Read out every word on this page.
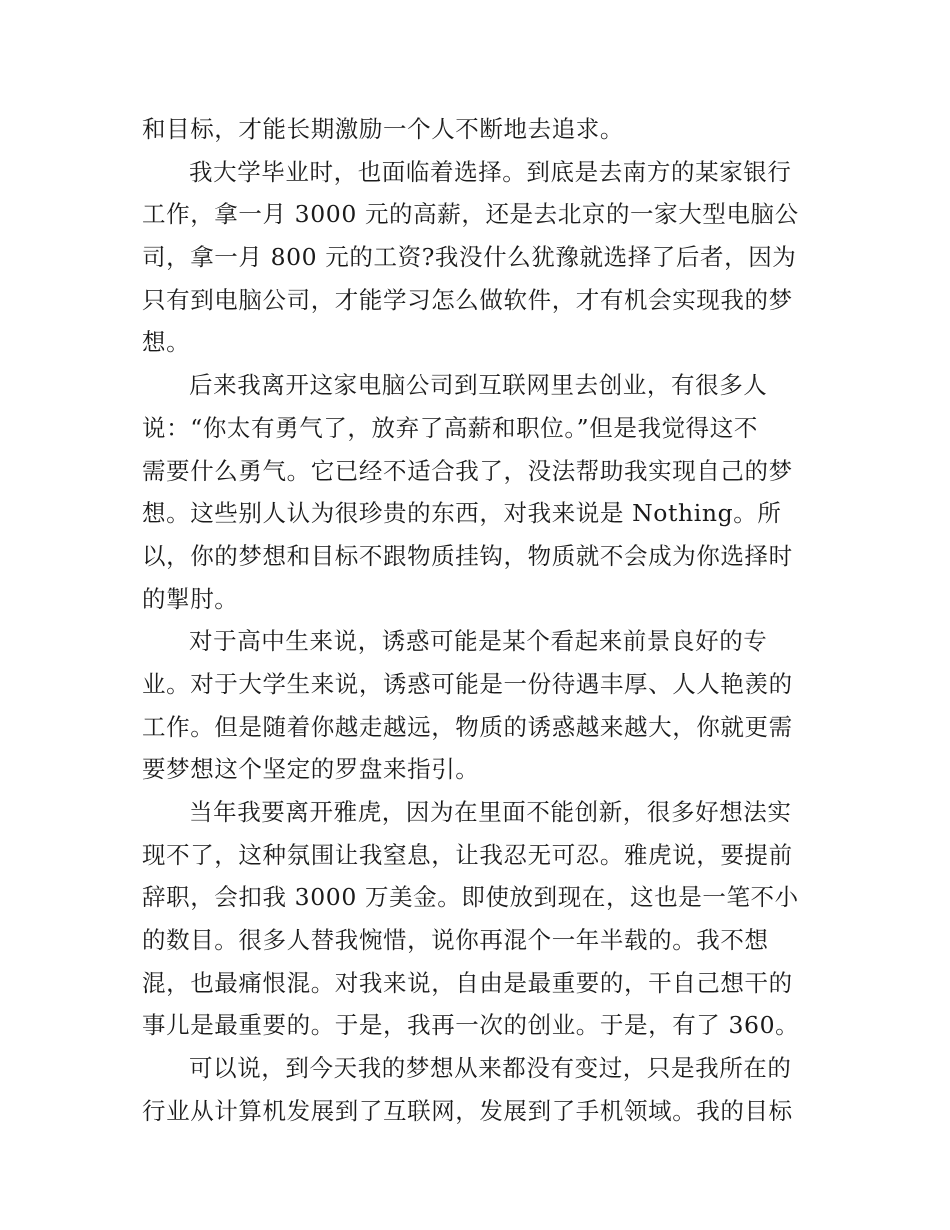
和目标，才能长期激励一个人不断地去追求。
我大学毕业时，也面临着选择。到底是去南方的某家银行
工作，拿一月 3000 元的高薪，还是去北京的一家大型电脑公
司，拿一月 800 元的工资?我没什么犹豫就选择了后者，因为
只有到电脑公司，才能学习怎么做软件，才有机会实现我的梦
想。
后来我离开这家电脑公司到互联网里去创业，有很多人
说：“你太有勇气了，放弃了高薪和职位。”但是我觉得这不
需要什么勇气。它已经不适合我了，没法帮助我实现自己的梦
想。这些别人认为很珍贵的东西，对我来说是 Nothing。所
以，你的梦想和目标不跟物质挂钩，物质就不会成为你选择时
的掣肘。
对于高中生来说，诱惑可能是某个看起来前景良好的专
业。对于大学生来说，诱惑可能是一份待遇丰厚、人人艳羡的
工作。但是随着你越走越远，物质的诱惑越来越大，你就更需
要梦想这个坚定的罗盘来指引。
当年我要离开雅虎，因为在里面不能创新，很多好想法实
现不了，这种氛围让我窒息，让我忍无可忍。雅虎说，要提前
辞职，会扣我 3000 万美金。即使放到现在，这也是一笔不小
的数目。很多人替我惋惜，说你再混个一年半载的。我不想
混，也最痛恨混。对我来说，自由是最重要的，干自己想干的
事儿是最重要的。于是，我再一次的创业。于是，有了 360。
可以说，到今天我的梦想从来都没有变过，只是我所在的
行业从计算机发展到了互联网，发展到了手机领域。我的目标
